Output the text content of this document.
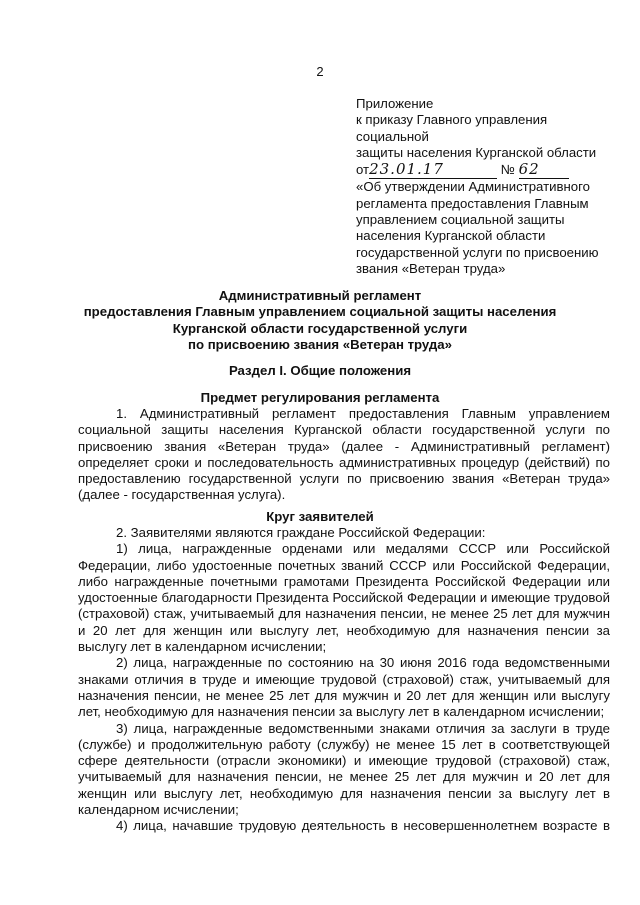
2
Приложение
к приказу Главного управления
социальной
защиты населения Курганской области
от23.01.17	№ 62
«Об утверждении Административного
регламента предоставления Главным
управлением социальной защиты
населения Курганской области
государственной услуги по присвоению
звания «Ветеран труда»
Административный регламент
предоставления Главным управлением социальной защиты населения
Курганской области государственной услуги
по присвоению звания «Ветеран труда»
Раздел I. Общие положения
Предмет регулирования регламента

1. Административный регламент предоставления Главным управлением социальной защиты населения Курганской области государственной услуги по присвоению звания «Ветеран труда» (далее - Административный регламент) определяет сроки и последовательность административных процедур (действий) по предоставлению государственной услуги по присвоению звания «Ветеран труда» (далее - государственная услуга).

Круг заявителей

2. Заявителями являются граждане Российской Федерации:

1) лица, награжденные орденами или медалями СССР или Российской Федерации, либо удостоенные почетных званий СССР или Российской Федерации, либо награжденные почетными грамотами Президента Российской Федерации или удостоенные благодарности Президента Российской Федерации и имеющие трудовой (страховой) стаж, учитываемый для назначения пенсии, не менее 25 лет для мужчин и 20 лет для женщин или выслугу лет, необходимую для назначения пенсии за выслугу лет в календарном исчислении;

2) лица, награжденные по состоянию на 30 июня 2016 года ведомственными знаками отличия в труде и имеющие трудовой (страховой) стаж, учитываемый для назначения пенсии, не менее 25 лет для мужчин и 20 лет для женщин или выслугу лет, необходимую для назначения пенсии за выслугу лет в календарном исчислении;

3) лица, награжденные ведомственными знаками отличия за заслуги в труде (службе) и продолжительную работу (службу) не менее 15 лет в соответствующей сфере деятельности (отрасли экономики) и имеющие трудовой (страховой) стаж, учитываемый для назначения пенсии, не менее 25 лет для мужчин и 20 лет для женщин или выслугу лет, необходимую для назначения пенсии за выслугу лет в календарном исчислении;

4) лица, начавшие трудовую деятельность в несовершеннолетнем возрасте в
